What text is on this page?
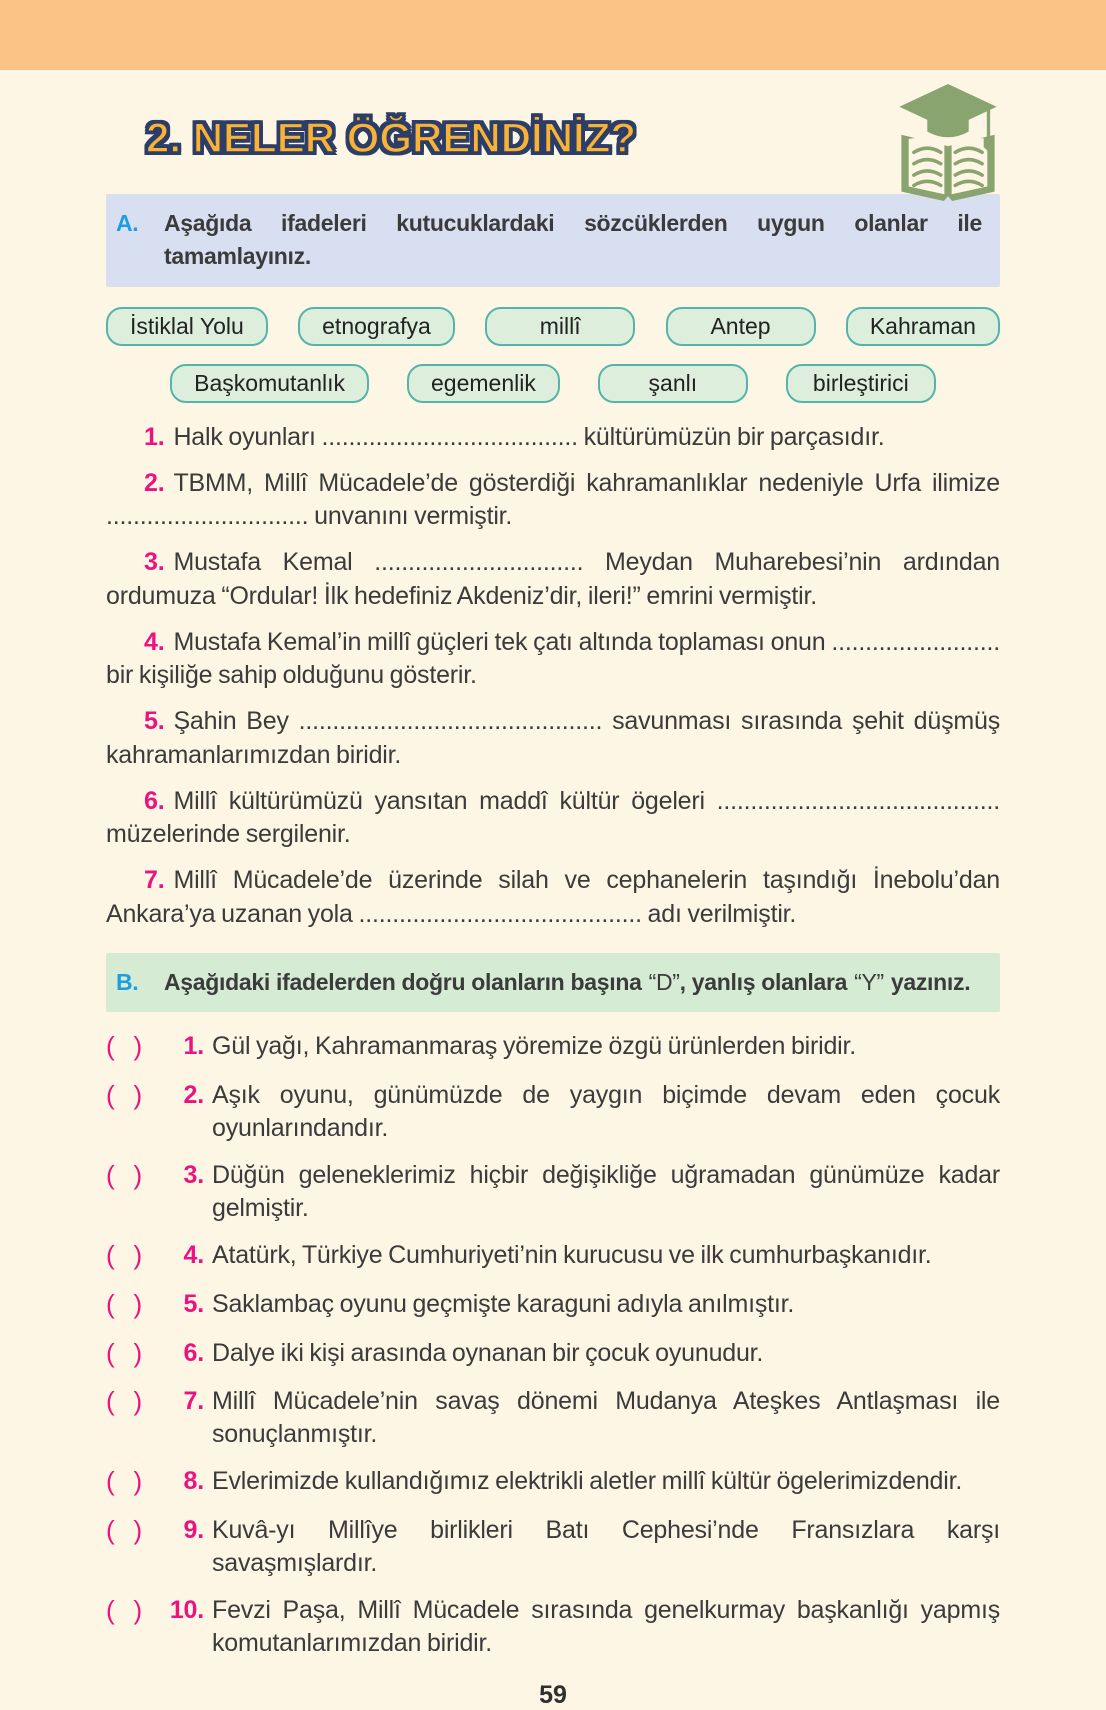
2. NELER ÖĞRENDİNİZ?
A.	Aşağıda ifadeleri kutucuklardaki sözcüklerden uygun olanlar ile tamamlayınız.
İstiklal Yolu	etnografya	millî	Antep	Kahraman
Başkomutanlık	egemenlik	şanlı	birleştirici

1. Halk oyunları ...................................... kültürümüzün bir parçasıdır.

2. TBMM, Millî Mücadele’de gösterdiği kahramanlıklar nedeniyle Urfa ilimize .............................. unvanını vermiştir.

3. Mustafa Kemal ............................... Meydan Muharebesi’nin ardından ordumuza “Ordular! İlk hedefiniz Akdeniz’dir, ileri!” emrini vermiştir.

4. Mustafa Kemal’in millî güçleri tek çatı altında toplaması onun ......................... bir kişiliğe sahip olduğunu gösterir.

5. Şahin Bey ............................................. savunması sırasında şehit düşmüş kahramanlarımızdan biridir.

6. Millî kültürümüzü yansıtan maddî kültür ögeleri .......................................... müzelerinde sergilenir.

7. Millî Mücadele’de üzerinde silah ve cephanelerin taşındığı İnebolu’dan Ankara’ya uzanan yola .......................................... adı verilmiştir.

B.	Aşağıdaki ifadelerden doğru olanların başına “D”, yanlış olanlara “Y” yazınız.
( )	1. Gül yağı, Kahramanmaraş yöremize özgü ürünlerden biridir.
( )	2. Aşık oyunu, günümüzde de yaygın biçimde devam eden çocuk oyunlarındandır.
( )	3. Düğün geleneklerimiz hiçbir değişikliğe uğramadan günümüze kadar gelmiştir.
( )	4. Atatürk, Türkiye Cumhuriyeti’nin kurucusu ve ilk cumhurbaşkanıdır.
( )	5. Saklambaç oyunu geçmişte karaguni adıyla anılmıştır.
( )	6. Dalye iki kişi arasında oynanan bir çocuk oyunudur.
( )	7. Millî Mücadele’nin savaş dönemi Mudanya Ateşkes Antlaşması ile sonuçlanmıştır.
( )	8. Evlerimizde kullandığımız elektrikli aletler millî kültür ögelerimizdendir.
( )	9. Kuvâ-yı Millîye birlikleri Batı Cephesi’nde Fransızlara karşı savaşmışlardır.
( )	10. Fevzi Paşa, Millî Mücadele sırasında genelkurmay başkanlığı yapmış komutanlarımızdan biridir.
59
